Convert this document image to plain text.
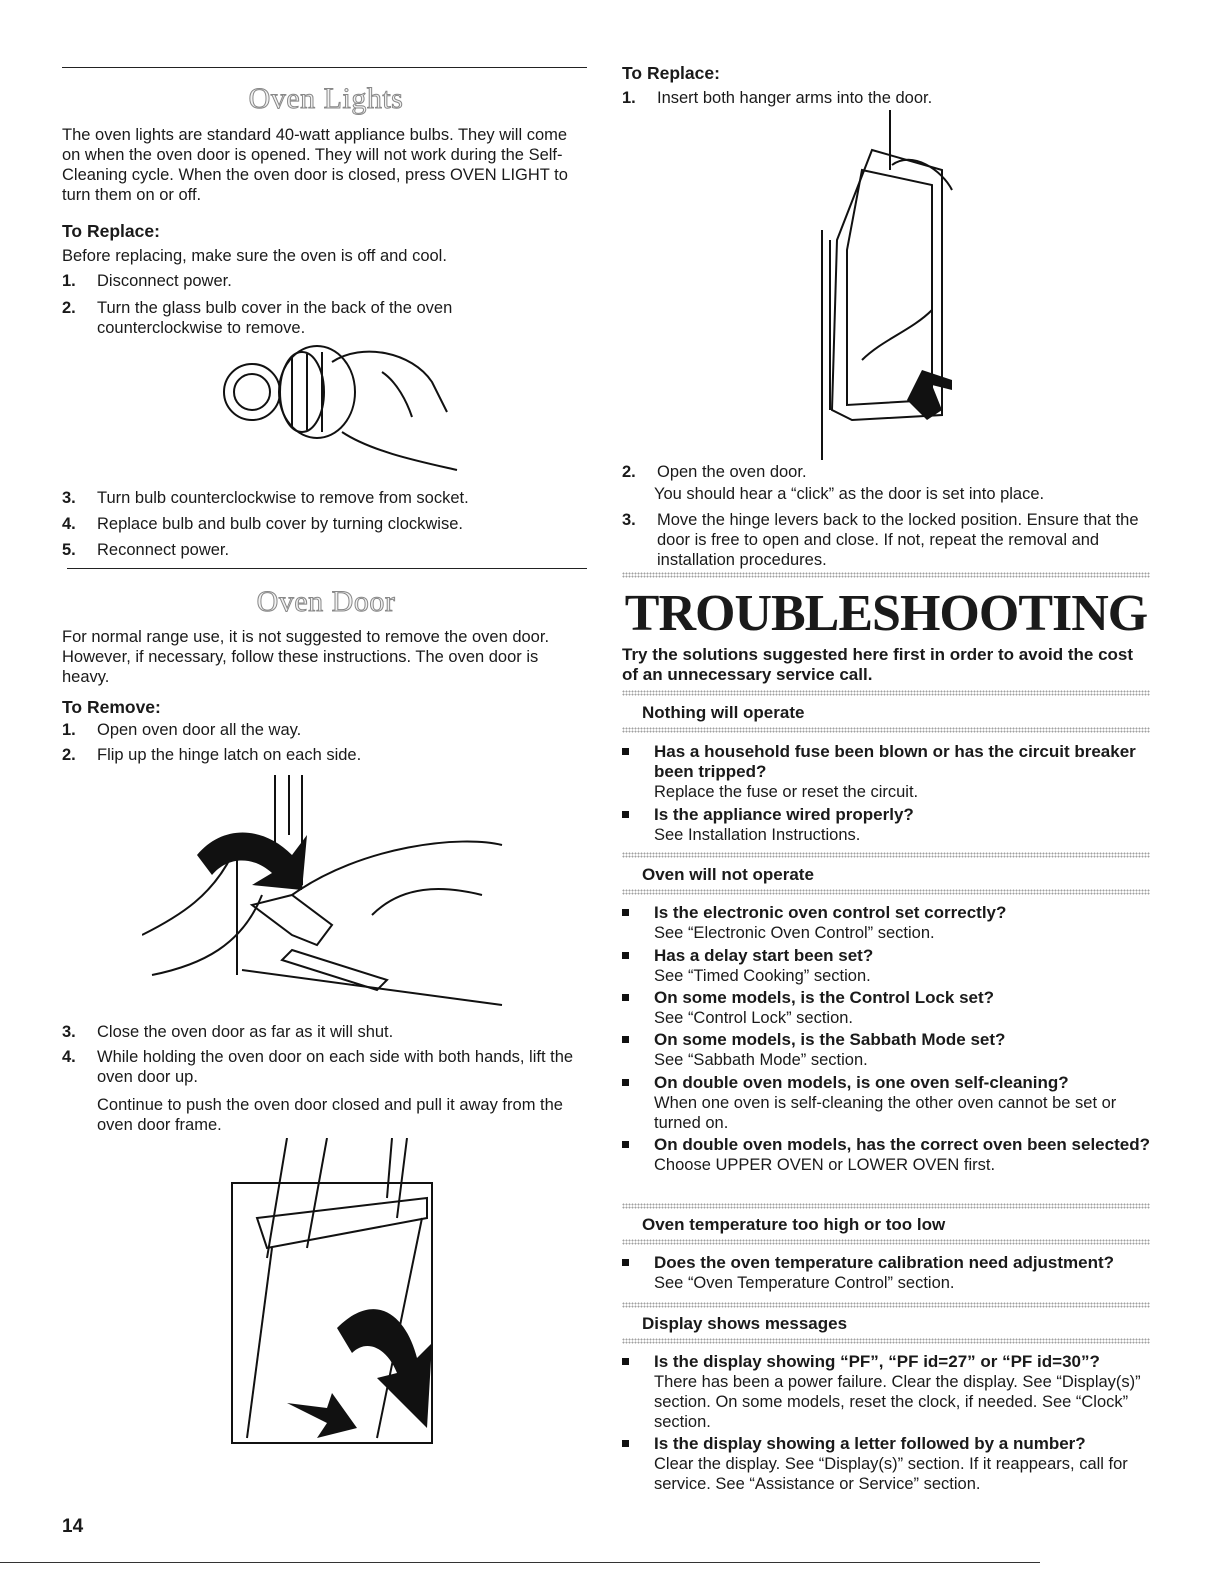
Oven Lights

The oven lights are standard 40-watt appliance bulbs. They will come on when the oven door is opened. They will not work during the Self-Cleaning cycle. When the oven door is closed, press OVEN LIGHT to turn them on or off.

To Replace:

Before replacing, make sure the oven is off and cool.

1. Disconnect power.
2. Turn the glass bulb cover in the back of the oven counterclockwise to remove.
3. Turn bulb counterclockwise to remove from socket.
4. Replace bulb and bulb cover by turning clockwise.
5. Reconnect power.
Oven Door

For normal range use, it is not suggested to remove the oven door. However, if necessary, follow these instructions. The oven door is heavy.

To Remove:
1. Open oven door all the way.
2. Flip up the hinge latch on each side.
3. Close the oven door as far as it will shut.
4. While holding the oven door on each side with both hands, lift the oven door up.

Continue to push the oven door closed and pull it away from the oven door frame.

To Replace:
1. Insert both hanger arms into the door.
2. Open the oven door.

You should hear a “click” as the door is set into place.

3. Move the hinge levers back to the locked position. Ensure that the door is free to open and close. If not, repeat the removal and installation procedures.
TROUBLESHOOTING

Try the solutions suggested here first in order to avoid the cost of an unnecessary service call.

Nothing will operate
Has a household fuse been blown or has the circuit breaker been tripped?
Replace the fuse or reset the circuit.
Is the appliance wired properly?
See Installation Instructions.
Oven will not operate
Is the electronic oven control set correctly?
See “Electronic Oven Control” section.
Has a delay start been set?
See “Timed Cooking” section.
On some models, is the Control Lock set?
See “Control Lock” section.
On some models, is the Sabbath Mode set?
See “Sabbath Mode” section.
On double oven models, is one oven self-cleaning?
When one oven is self-cleaning the other oven cannot be set or turned on.
On double oven models, has the correct oven been selected?
Choose UPPER OVEN or LOWER OVEN first.
Oven temperature too high or too low
Does the oven temperature calibration need adjustment?
See “Oven Temperature Control” section.
Display shows messages
Is the display showing “PF”, “PF id=27” or “PF id=30”?
There has been a power failure. Clear the display. See “Display(s)” section. On some models, reset the clock, if needed. See “Clock” section.
Is the display showing a letter followed by a number?
Clear the display. See “Display(s)” section. If it reappears, call for service. See “Assistance or Service” section.
14
